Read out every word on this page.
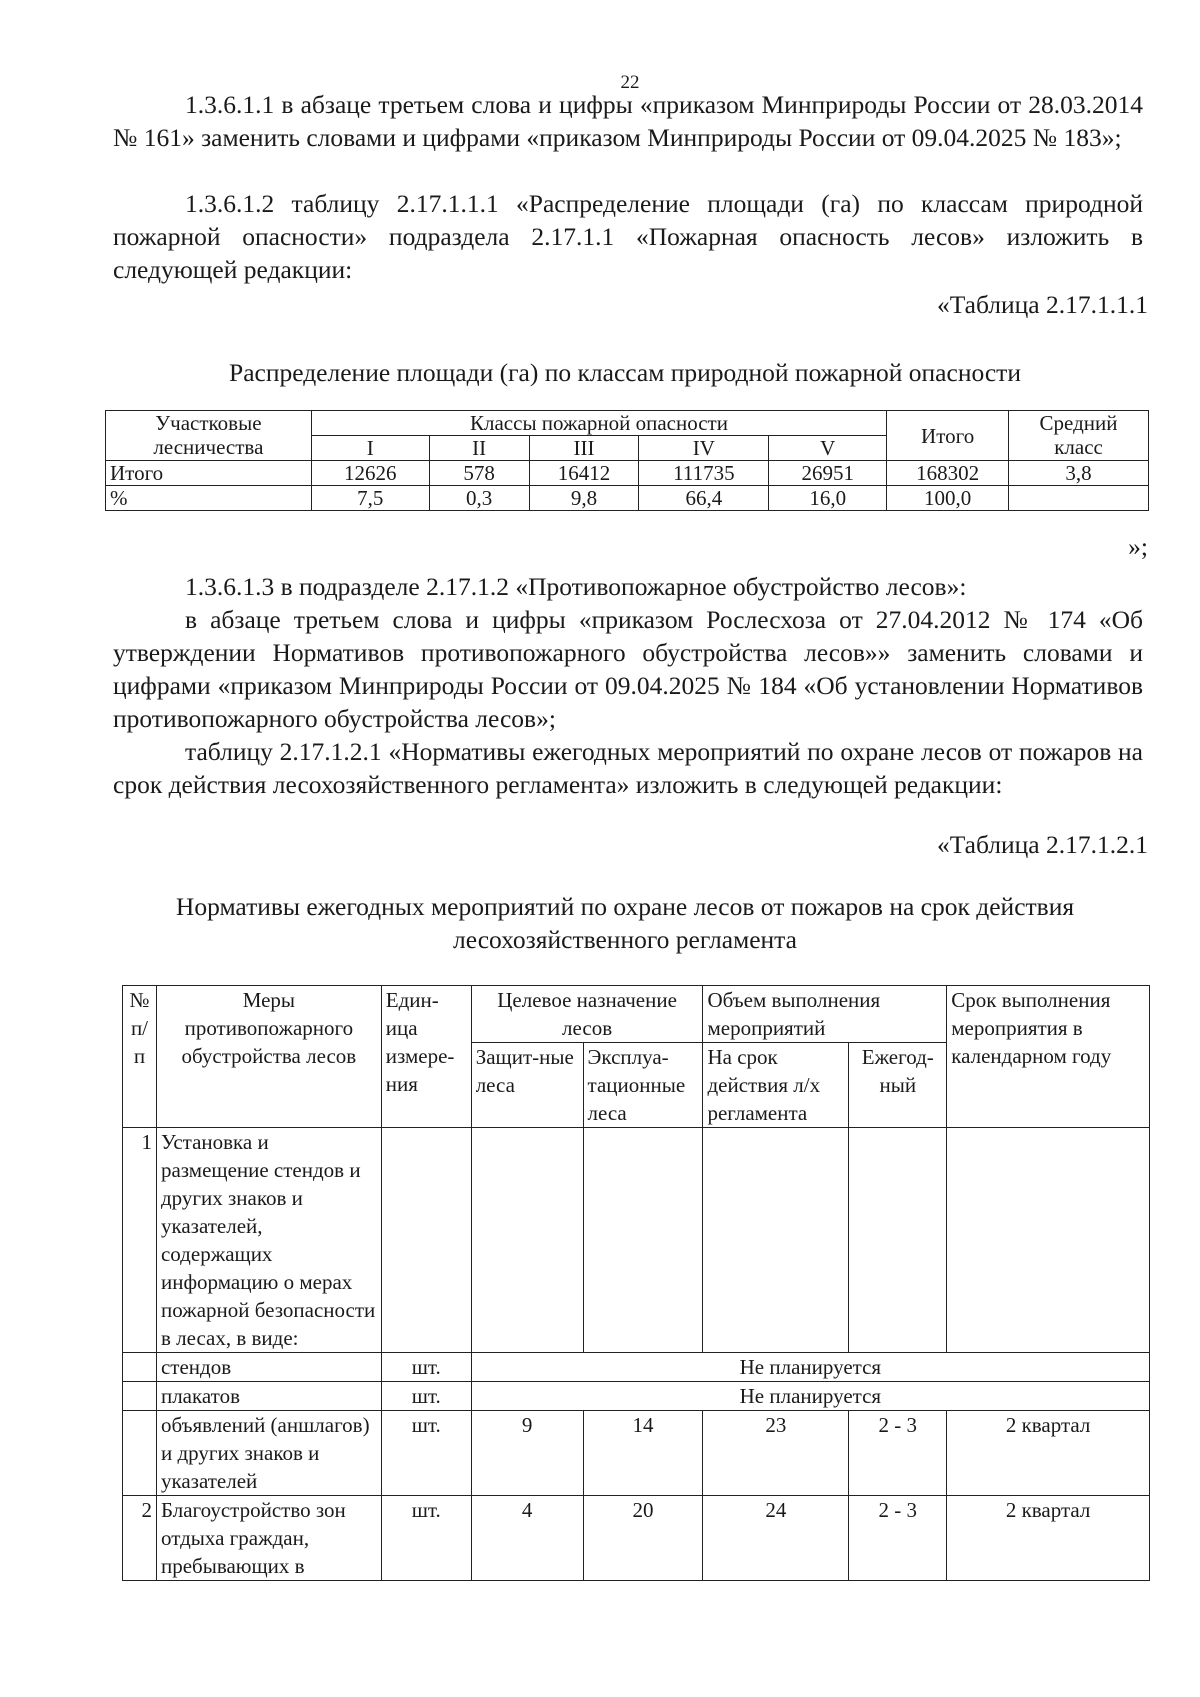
22

1.3.6.1.1 в абзаце третьем слова и цифры «приказом Минприроды России от 28.03.2014 № 161» заменить словами и цифрами «приказом Минприроды России от 09.04.2025 № 183»;

1.3.6.1.2 таблицу 2.17.1.1.1 «Распределение площади (га) по классам природной пожарной опасности» подраздела 2.17.1.1 «Пожарная опасность лесов» изложить в следующей редакции:

«Таблица 2.17.1.1.1
Распределение площади (га) по классам природной пожарной опасности
Участковые лесничества	Классы пожарной опасности					Итого	Средний класс
	I	II	III	IV	V		
Итого	12626	578	16412	111735	26951	168302	3,8
%	7,5	0,3	9,8	66,4	16,0	100,0	
»;

1.3.6.1.3 в подразделе 2.17.1.2 «Противопожарное обустройство лесов»:

в абзаце третьем слова и цифры «приказом Рослесхоза от 27.04.2012 № 174 «Об утверждении Нормативов противопожарного обустройства лесов»» заменить словами и цифрами «приказом Минприроды России от 09.04.2025 № 184 «Об установлении Нормативов противопожарного обустройства лесов»;

таблицу 2.17.1.2.1 «Нормативы ежегодных мероприятий по охране лесов от пожаров на срок действия лесохозяйственного регламента» изложить в следующей редакции:

«Таблица 2.17.1.2.1
Нормативы ежегодных мероприятий по охране лесов от пожаров на срок действия лесохозяйственного регламента
№ п/п	Меры противопожарного обустройства лесов	Един-ица измере-ния	Целевое назначение лесов		Объем выполнения мероприятий		Срок выполнения мероприятия в календарном году
			Защит-ные леса	Эксплуа-тационные леса	На срок действия л/х регламента	Ежегод-ный	
1	Установка и размещение стендов и других знаков и указателей, содержащих информацию о мерах пожарной безопасности в лесах, в виде:						
	стендов	шт.	Не планируется				
	плакатов	шт.	Не планируется				
	объявлений (аншлагов) и других знаков и указателей	шт.	9	14	23	2 - 3	2 квартал
2	Благоустройство зон отдыха граждан, пребывающих в	шт.	4	20	24	2 - 3	2 квартал
